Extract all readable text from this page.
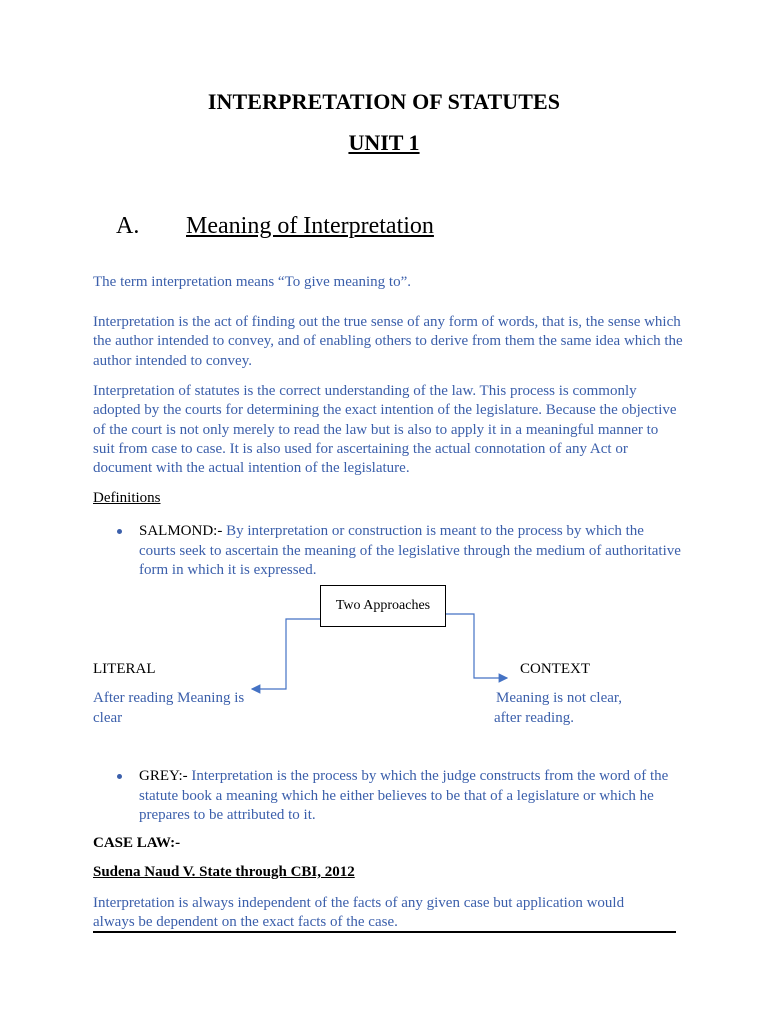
INTERPRETATION OF STATUTES
UNIT 1
A. Meaning of Interpretation
The term interpretation means “To give meaning to”.
Interpretation is the act of finding out the true sense of any form of words, that is, the sense which the author intended to convey, and of enabling others to derive from them the same idea which the author intended to convey.
Interpretation of statutes is the correct understanding of the law. This process is commonly adopted by the courts for determining the exact intention of the legislature. Because the objective of the court is not only merely to read the law but is also to apply it in a meaningful manner to suit from case to case. It is also used for ascertaining the actual connotation of any Act or document with the actual intention of the legislature.
Definitions
SALMOND:- By interpretation or construction is meant to the process by which the courts seek to ascertain the meaning of the legislative through the medium of authoritative form in which it is expressed.
Two Approaches
LITERAL
After reading Meaning is
clear
CONTEXT
Meaning is not clear,
after reading.
GREY:- Interpretation is the process by which the judge constructs from the word of the statute book a meaning which he either believes to be that of a legislature or which he prepares to be attributed to it.
CASE LAW:-
Sudena Naud V. State through CBI, 2012
Interpretation is always independent of the facts of any given case but application would always be dependent on the exact facts of the case.
